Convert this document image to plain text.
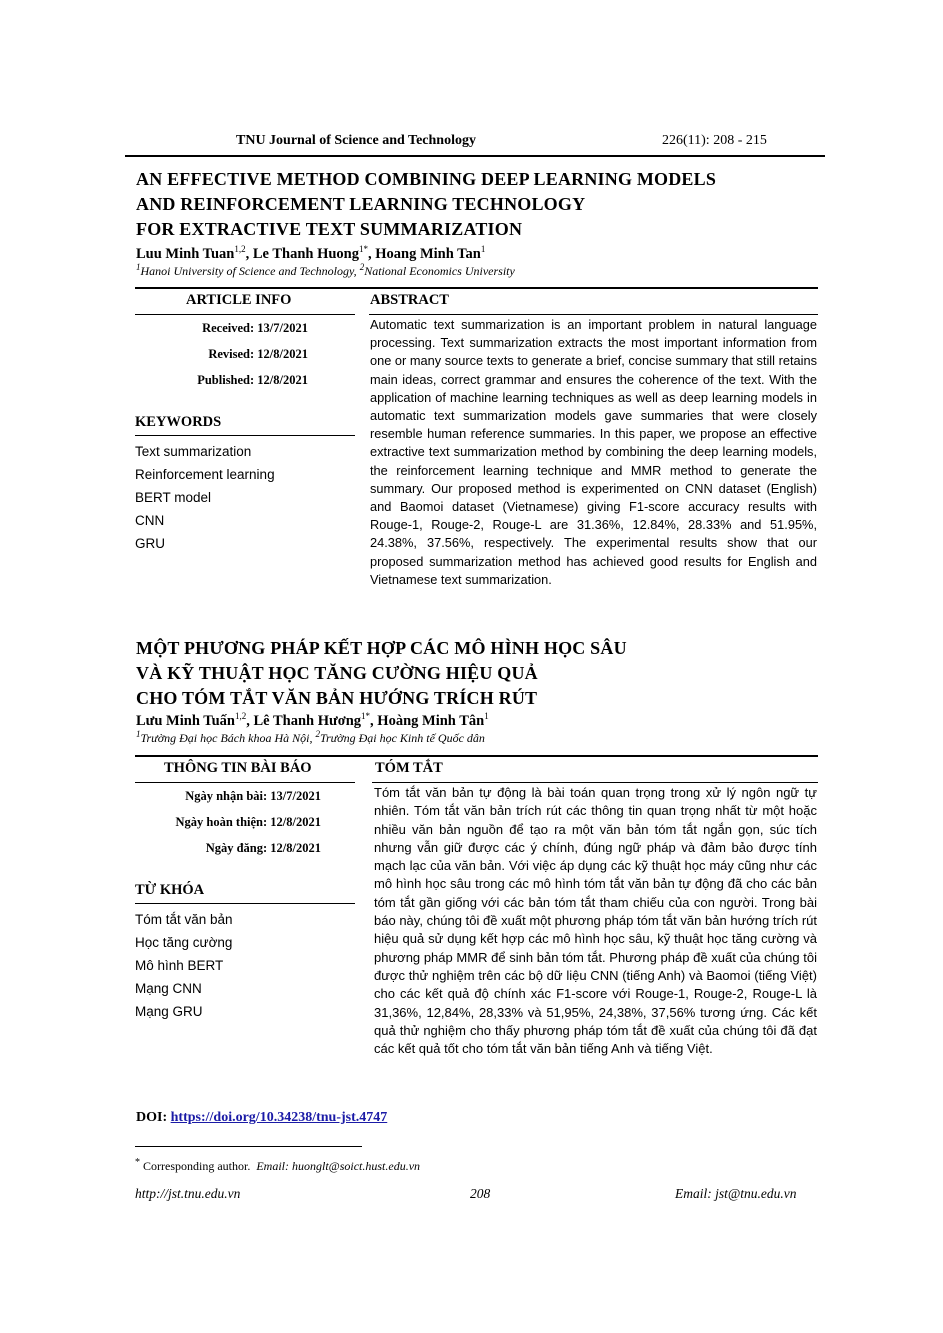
TNU Journal of Science and Technology	226(11): 208 - 215
AN EFFECTIVE METHOD COMBINING DEEP LEARNING MODELS
AND REINFORCEMENT LEARNING TECHNOLOGY
FOR EXTRACTIVE TEXT SUMMARIZATION
Luu Minh Tuan$^{1,2}$, Le Thanh Huong$^{1*}$, Hoang Minh Tan$^1$
$^1$Hanoi University of Science and Technology, $^2$National Economics University
ARTICLE INFO	ABSTRACT
Received: 13/7/2021
Revised: 12/8/2021
Published: 12/8/2021
KEYWORDS
Text summarization
Reinforcement learning
BERT model
CNN
GRU
Automatic text summarization is an important problem in natural language processing. Text summarization extracts the most important information from one or many source texts to generate a brief, concise summary that still retains main ideas, correct grammar and ensures the coherence of the text. With the application of machine learning techniques as well as deep learning models in automatic text summarization models gave summaries that were closely resemble human reference summaries. In this paper, we propose an effective extractive text summarization method by combining the deep learning models, the reinforcement learning technique and MMR method to generate the summary. Our proposed method is experimented on CNN dataset (English) and Baomoi dataset (Vietnamese) giving F1-score accuracy results with Rouge-1, Rouge-2, Rouge-L are 31.36%, 12.84%, 28.33% and 51.95%, 24.38%, 37.56%, respectively. The experimental results show that our proposed summarization method has achieved good results for English and Vietnamese text summarization.
MỘT PHƯƠNG PHÁP KẾT HỢP CÁC MÔ HÌNH HỌC SÂU
VÀ KỸ THUẬT HỌC TĂNG CƯỜNG HIỆU QUẢ
CHO TÓM TẮT VĂN BẢN HƯỚNG TRÍCH RÚT
Lưu Minh Tuấn$^{1,2}$, Lê Thanh Hương$^{1*}$, Hoàng Minh Tân$^1$
$^1$Trường Đại học Bách khoa Hà Nội, $^2$Trường Đại học Kinh tế Quốc dân
THÔNG TIN BÀI BÁO	TÓM TẮT
Ngày nhận bài: 13/7/2021
Ngày hoàn thiện: 12/8/2021
Ngày đăng: 12/8/2021
TỪ KHÓA
Tóm tắt văn bản
Học tăng cường
Mô hình BERT
Mạng CNN
Mạng GRU
Tóm tắt văn bản tự động là bài toán quan trọng trong xử lý ngôn ngữ tự nhiên. Tóm tắt văn bản trích rút các thông tin quan trọng nhất từ một hoặc nhiều văn bản nguồn để tạo ra một văn bản tóm tắt ngắn gọn, súc tích nhưng vẫn giữ được các ý chính, đúng ngữ pháp và đảm bảo được tính mạch lạc của văn bản. Với việc áp dụng các kỹ thuật học máy cũng như các mô hình học sâu trong các mô hình tóm tắt văn bản tự động đã cho các bản tóm tắt gần giống với các bản tóm tắt tham chiếu của con người. Trong bài báo này, chúng tôi đề xuất một phương pháp tóm tắt văn bản hướng trích rút hiệu quả sử dụng kết hợp các mô hình học sâu, kỹ thuật học tăng cường và phương pháp MMR để sinh bản tóm tắt. Phương pháp đề xuất của chúng tôi được thử nghiệm trên các bộ dữ liệu CNN (tiếng Anh) và Baomoi (tiếng Việt) cho các kết quả độ chính xác F1-score với Rouge-1, Rouge-2, Rouge-L là 31,36%, 12,84%, 28,33% và 51,95%, 24,38%, 37,56% tương ứng. Các kết quả thử nghiệm cho thấy phương pháp tóm tắt đề xuất của chúng tôi đã đạt các kết quả tốt cho tóm tắt văn bản tiếng Anh và tiếng Việt.
DOI: https://doi.org/10.34238/tnu-jst.4747
* Corresponding author. Email: huonglt@soict.hust.edu.vn
http://jst.tnu.edu.vn	208	Email: jst@tnu.edu.vn
